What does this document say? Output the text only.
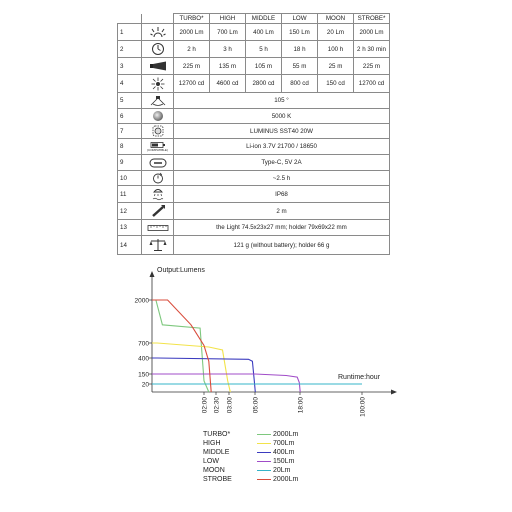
		TURBO*	HIGH	MIDDLE	LOW	MOON	STROBE*
1		2000 Lm	700 Lm	400 Lm	150 Lm	20 Lm	2000 Lm
2		2 h	3 h	5 h	18 h	100 h	2 h 30 min
3		225 m	135 m	105 m	55 m	25 m	225 m
4		12700 cd	4600 cd	2800 cd	800 cd	150 cd	12700 cd
5		105 °					
6		5000 K					
7		LUMINUS SST40 20W					
8	(COMPATIBLE)	Li-ion 3.7V 21700 / 18650					
9		Type-C, 5V 2A					
10		~2.5 h					
11		IP68					
12		2 m					
13		the Light 74.5x23x27 mm; holder 79x69x22 mm					
14		121 g (without battery); holder 66 g					
Output:Lumens
Runtime:hour
20
150
400
700
2000
02:00 02:30 03:00	05:00	18:00	100:00
TURBO*	2000Lm
HIGH	700Lm
MIDDLE	400Lm
LOW	150Lm
MOON	20Lm
STROBE	2000Lm
